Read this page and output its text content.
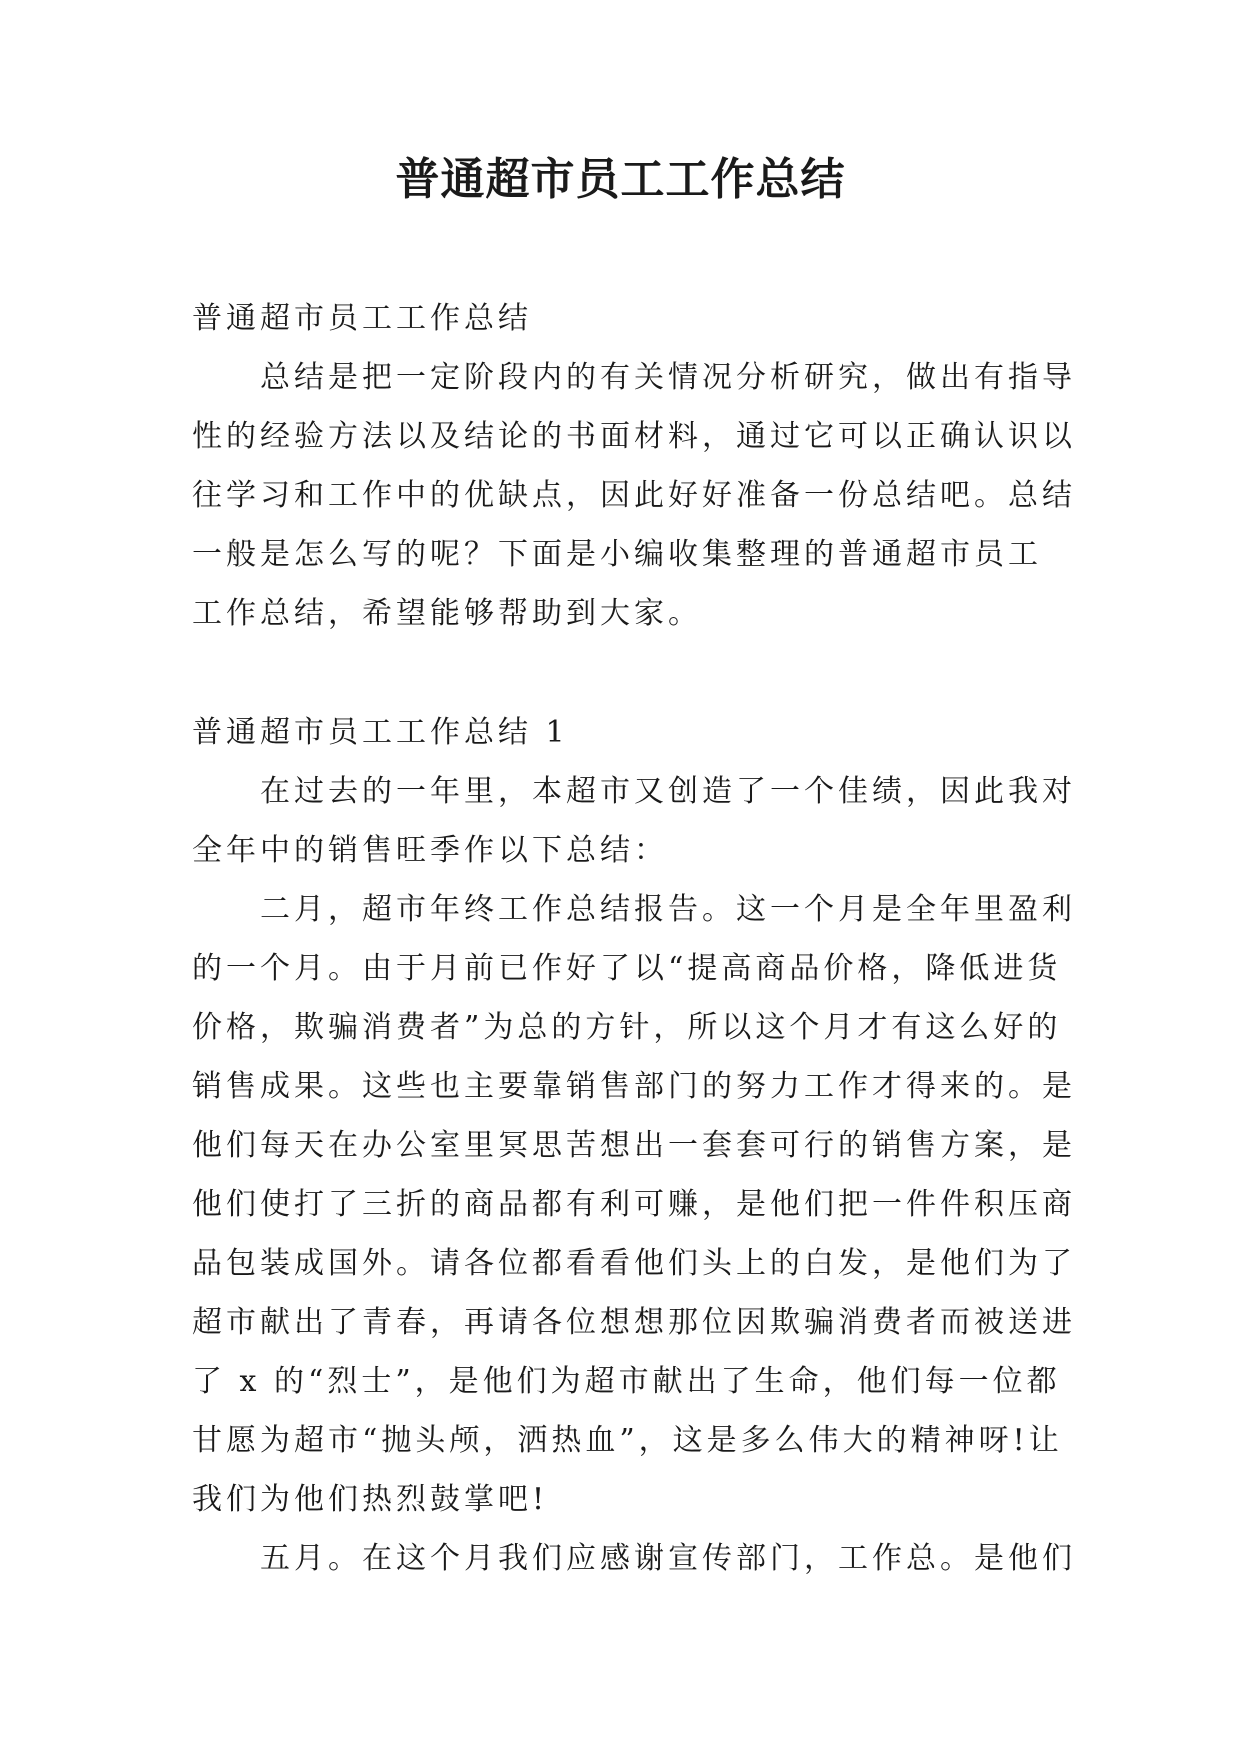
普通超市员工工作总结
普通超市员工工作总结
　　总结是把一定阶段内的有关情况分析研究，做出有指导
性的经验方法以及结论的书面材料，通过它可以正确认识以
往学习和工作中的优缺点，因此好好准备一份总结吧。总结
一般是怎么写的呢？下面是小编收集整理的普通超市员工
工作总结，希望能够帮助到大家。
普通超市员工工作总结 1
　　在过去的一年里，本超市又创造了一个佳绩，因此我对
全年中的销售旺季作以下总结：
　　二月，超市年终工作总结报告。这一个月是全年里盈利
的一个月。由于月前已作好了以“提高商品价格，降低进货
价格，欺骗消费者”为总的方针，所以这个月才有这么好的
销售成果。这些也主要靠销售部门的努力工作才得来的。是
他们每天在办公室里冥思苦想出一套套可行的销售方案，是
他们使打了三折的商品都有利可赚，是他们把一件件积压商
品包装成国外。请各位都看看他们头上的白发，是他们为了
超市献出了青春，再请各位想想那位因欺骗消费者而被送进
了 x 的“烈士”，是他们为超市献出了生命，他们每一位都
甘愿为超市“抛头颅，洒热血”，这是多么伟大的精神呀!让
我们为他们热烈鼓掌吧!
　　五月。在这个月我们应感谢宣传部门，工作总。是他们
